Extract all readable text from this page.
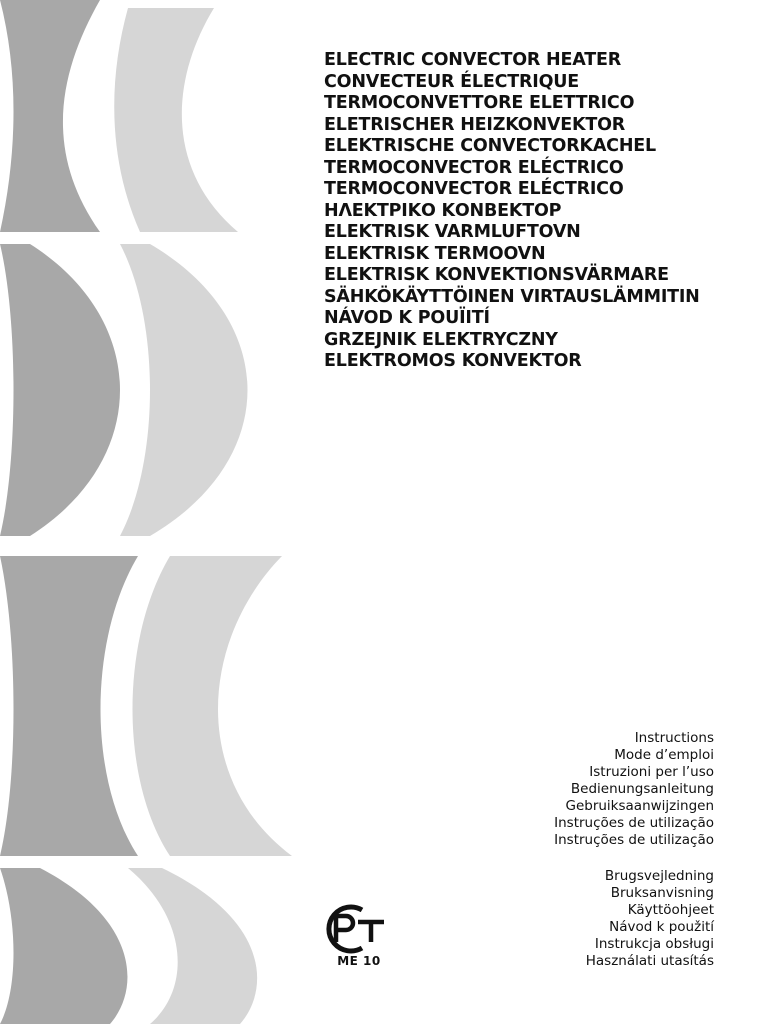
ELECTRIC CONVECTOR HEATER
CONVECTEUR ÉLECTRIQUE
TERMOCONVETTORE ELETTRICO
ELETRISCHER HEIZKONVEKTOR
ELEKTRISCHE CONVECTORKACHEL
TERMOCONVECTOR ELÉCTRICO
TERMOCONVECTOR ELÉCTRICO
ΗΛΕΚΤΡΙΚΟ ΚΟΝΒΕΚΤΟΡ
ELEKTRISK VARMLUFTOVN
ELEKTRISK TERMOOVN
ELEKTRISK KONVEKTIONSVÄRMARE
SÄHKÖKÄYTTÖINEN VIRTAUSLÄMMITIN
NÁVOD K POUÏITÍ
GRZEJNIK ELEKTRYCZNY
ELEKTROMOS KONVEKTOR
Instructions
Mode d’emploi
Istruzioni per l’uso
Bedienungsanleitung
Gebruiksaanwijzingen
Instruções de utilização
Instruções de utilização
Brugsvejledning
Bruksanvisning
Käyttöohjeet
Návod k použití
Instrukcja obsługi
Használati utasítás
ME 10
